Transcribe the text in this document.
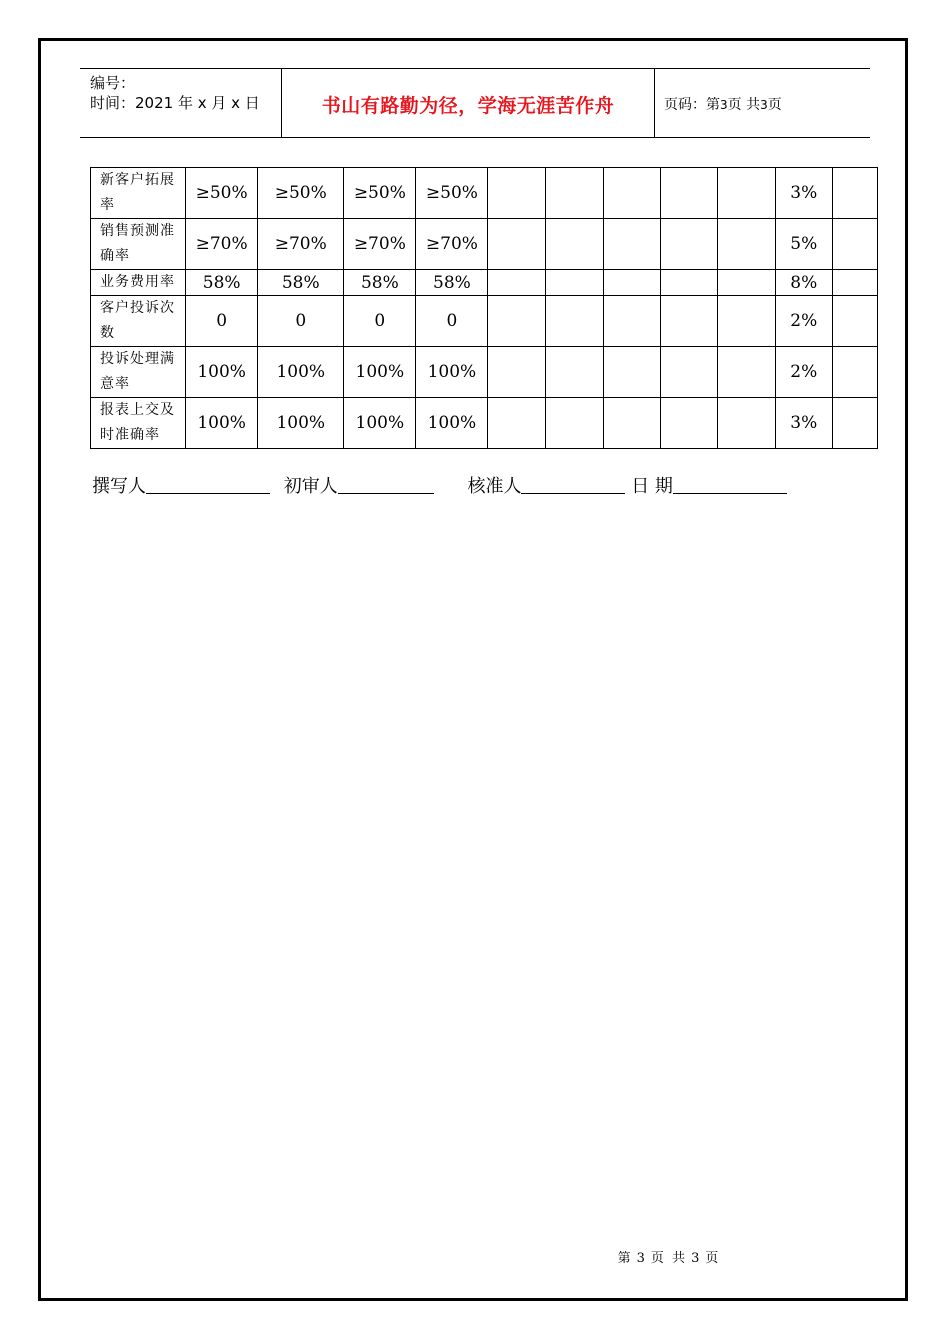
编号：
时间：2021 年 x 月 x 日	书山有路勤为径，学海无涯苦作舟	页码：第3页 共3页
新客户拓展率	≥50%	≥50%	≥50%	≥50%						3%	
销售预测准确率	≥70%	≥70%	≥70%	≥70%						5%	
业务费用率	58%	58%	58%	58%						8%	
客户投诉次数	0	0	0	0						2%	
投诉处理满意率	100%	100%	100%	100%						2%	
报表上交及时准确率	100%	100%	100%	100%						3%	
撰写人	初审人	核准人	日 期
第 3 页 共 3 页
